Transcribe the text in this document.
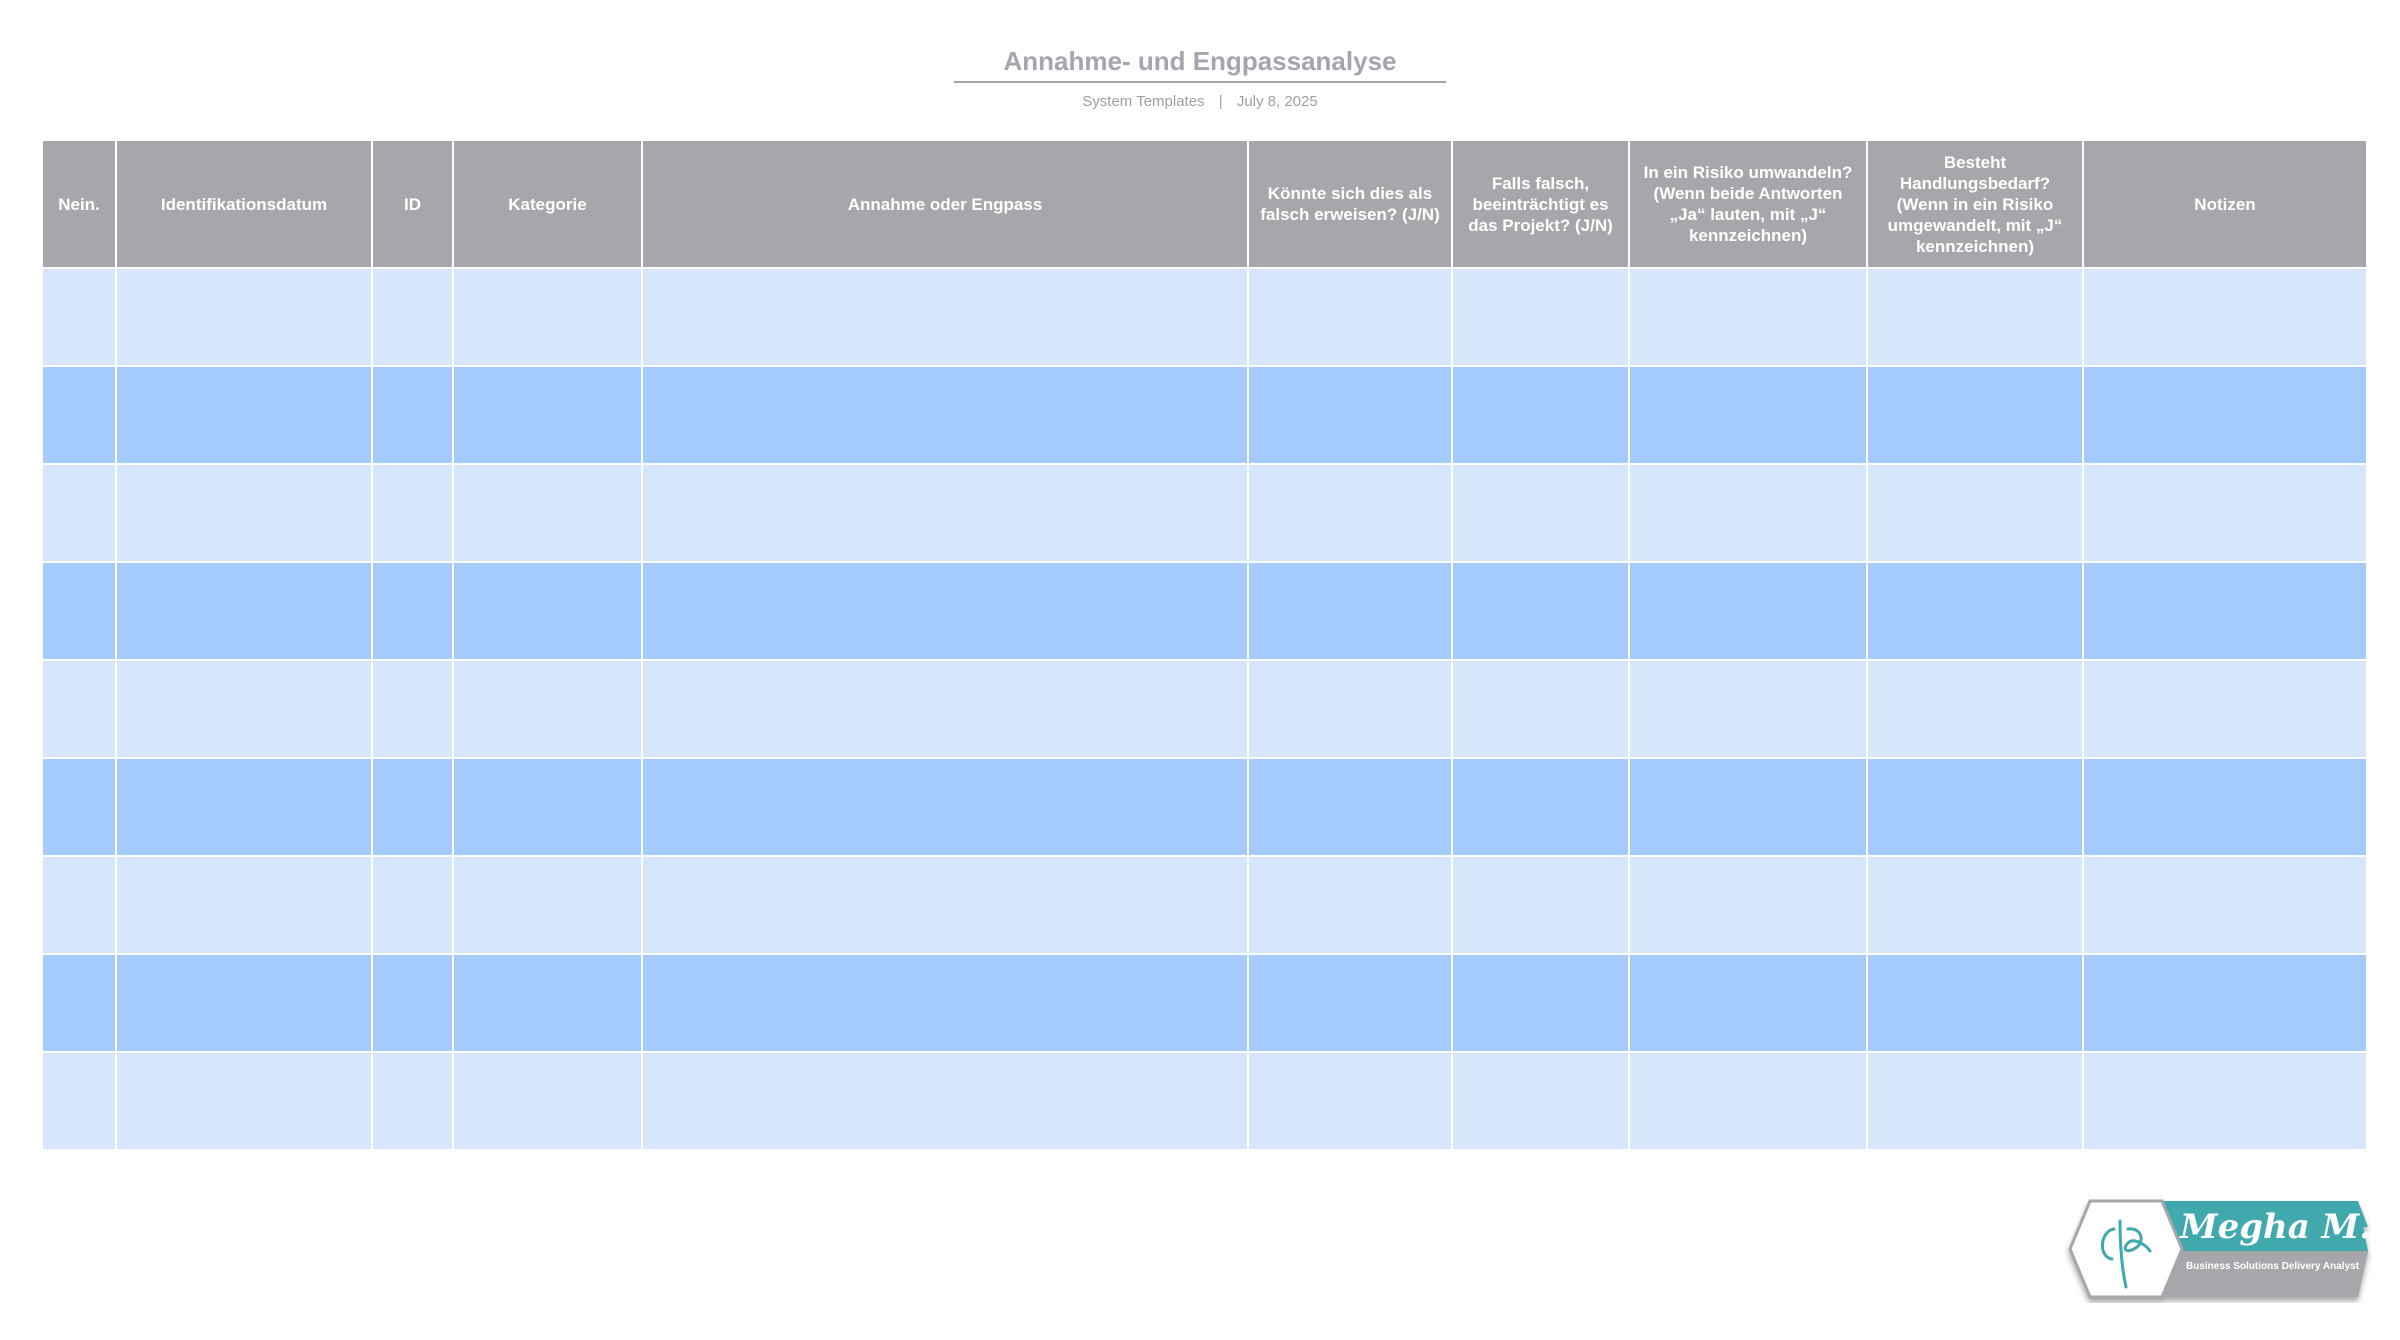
Annahme- und Engpassanalyse
System Templates | July 8, 2025
Nein.	Identifikationsdatum	ID	Kategorie	Annahme oder Engpass	Könnte sich dies als falsch erweisen? (J/N)	Falls falsch, beeinträchtigt es das Projekt? (J/N)	In ein Risiko umwandeln? (Wenn beide Antworten „Ja“ lauten, mit „J“ kennzeichnen)	Besteht Handlungsbedarf? (Wenn in ein Risiko umgewandelt, mit „J“ kennzeichnen)	Notizen

Megha M.
Business Solutions Delivery Analyst
